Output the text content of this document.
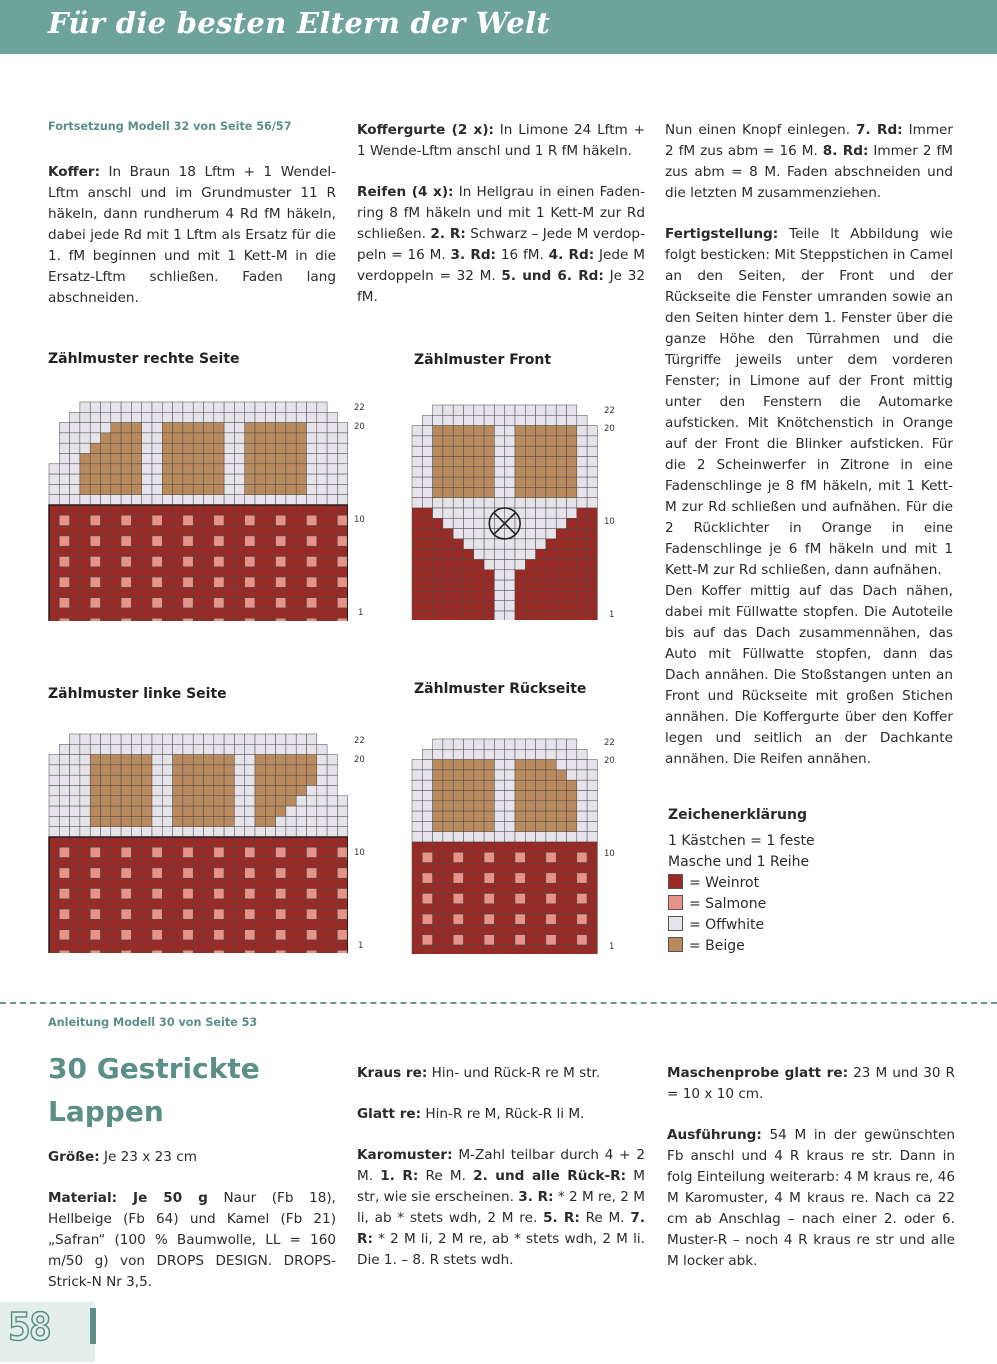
Für die besten Eltern der Welt
Fortsetzung Modell 32 von Seite 56/57

Koffer: In Braun 18 Lftm + 1 Wendel-Lftm anschl und im Grundmuster 11 R häkeln, dann rundherum 4 Rd fM häkeln, dabei jede Rd mit 1 Lftm als Ersatz für die 1. fM beginnen und mit 1 Kett-M in die Ersatz-Lftm schließen. Faden lang abschneiden.

Koffergurte (2 x): In Limone 24 Lftm + 1 Wende-Lftm anschl und 1 R fM häkeln.

Reifen (4 x): In Hellgrau in einen Faden- ring 8 fM häkeln und mit 1 Kett-M zur Rd schließen. 2. R: Schwarz – Jede M verdop- peln = 16 M. 3. Rd: 16 fM. 4. Rd: Jede M verdoppeln = 32 M. 5. und 6. Rd: Je 32 fM.

Nun einen Knopf einlegen. 7. Rd: Immer 2 fM zus abm = 16 M. 8. Rd: Immer 2 fM zus abm = 8 M. Faden abschneiden und die letzten M zusammenziehen.

Fertigstellung: Teile lt Abbildung wie folgt besticken: Mit Steppstichen in Camel an den Seiten, der Front und der Rückseite die Fenster umranden sowie an den Seiten hinter dem 1. Fenster über die ganze Höhe den Türrahmen und die Türgriffe jeweils unter dem vorderen Fenster; in Limone auf der Front mittig unter den Fenstern die Automarke aufsticken. Mit Knötchenstich in Orange auf der Front die Blinker aufsticken. Für die 2 Scheinwerfer in Zitrone in eine Fadenschlinge je 8 fM häkeln, mit 1 Kett-M zur Rd schließen und aufnähen. Für die 2 Rücklichter in Orange in eine Fadenschlinge je 6 fM häkeln und mit 1 Kett-M zur Rd schließen, dann aufnähen.

Den Koffer mittig auf das Dach nähen, dabei mit Füllwatte stopfen. Die Autoteile bis auf das Dach zusammennähen, das Auto mit Füllwatte stopfen, dann das Dach annähen. Die Stoßstangen unten an Front und Rückseite mit großen Stichen annähen. Die Koffergurte über den Koffer legen und seitlich an der Dachkante annähen. Die Reifen annähen.

Zählmuster rechte Seite	Zählmuster Front
Zählmuster linke Seite	Zählmuster Rückseite
22
20
10
1
22
20
10
1
22
20
10
1
22
20
10
1
Zeichenerklärung
1 Kästchen = 1 feste
Masche und 1 Reihe
= Weinrot
= Salmone
= Offwhite
= Beige
Anleitung Modell 30 von Seite 53
30 Gestrickte
Lappen

Größe: Je 23 x 23 cm

Material: Je 50 g Naur (Fb 18), Hellbeige (Fb 64) und Kamel (Fb 21) „Safran“ (100 % Baumwolle, LL = 160 m/50 g) von DROPS DESIGN. DROPS-Strick-N Nr 3,5.

Kraus re: Hin- und Rück-R re M str.

Glatt re: Hin-R re M, Rück-R li M.

Karomuster: M-Zahl teilbar durch 4 + 2 M. 1. R: Re M. 2. und alle Rück-R: M str, wie sie erscheinen. 3. R: * 2 M re, 2 M li, ab * stets wdh, 2 M re. 5. R: Re M. 7. R: * 2 M li, 2 M re, ab * stets wdh, 2 M li. Die 1. – 8. R stets wdh.

Maschenprobe glatt re: 23 M und 30 R = 10 x 10 cm.

Ausführung: 54 M in der gewünschten Fb anschl und 4 R kraus re str. Dann in folg Einteilung weiterarb: 4 M kraus re, 46 M Karomuster, 4 M kraus re. Nach ca 22 cm ab Anschlag – nach einer 2. oder 6. Muster-R – noch 4 R kraus re str und alle M locker abk.

58
